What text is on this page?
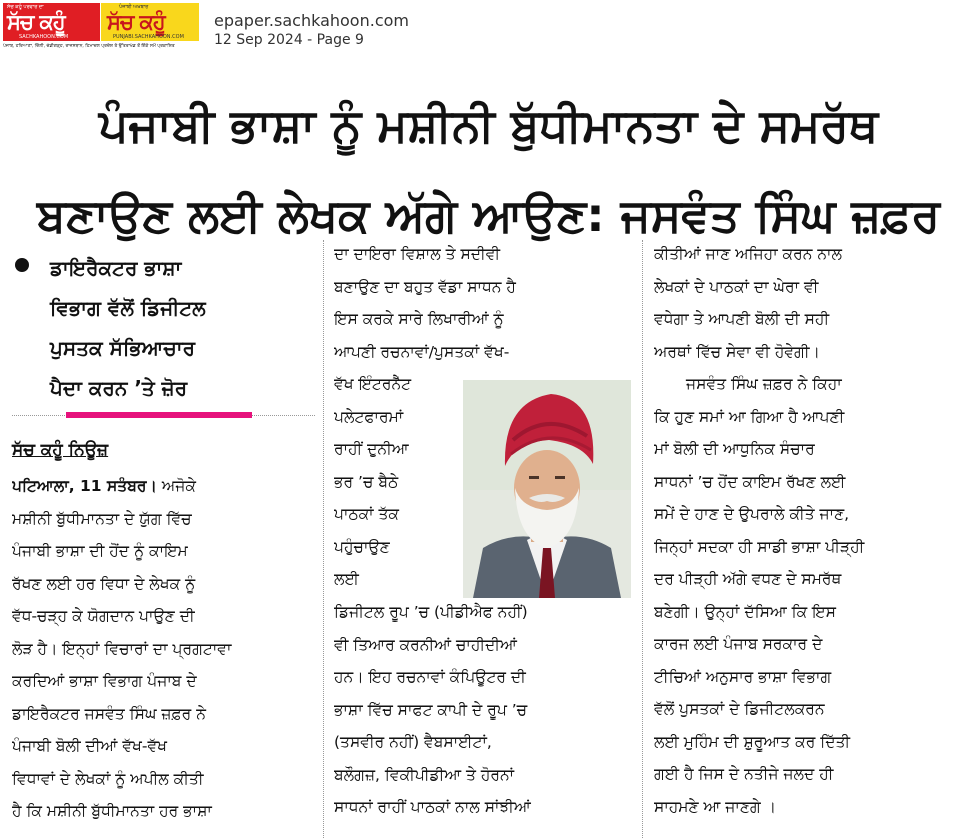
ਸੱਚ ਕਹੂੰ ਪਰਵਾਰ ਦਾ
ਸੱਚ ਕਹੂੰ
SACHKAHOON.COM
ਪੰਜਾਬੀ ਅਖ਼ਬਾਰ
ਸੱਚ ਕਹੂੰ
PUNJABI.SACHKAHOON.COM
ਪੰਜਾਬ, ਹਰਿਆਣਾ, ਦਿੱਲੀ, ਚੰਡੀਗੜ੍ਹ, ਰਾਜਸਥਾਨ, ਹਿਮਾਚਲ ਪ੍ਰਦੇਸ਼ ਤੇ ਉੱਤਰਾਖੰਡ ਤੋਂ ਇੱਕੋ ਸਮੇਂ ਪ੍ਰਕਾਸ਼ਿਤ
epaper.sachkahoon.com
12 Sep 2024 - Page 9
ਪੰਜਾਬੀ ਭਾਸ਼ਾ ਨੂੰ ਮਸ਼ੀਨੀ ਬੁੱਧੀਮਾਨਤਾ ਦੇ ਸਮਰੱਥ
ਬਣਾਉਣ ਲਈ ਲੇਖਕ ਅੱਗੇ ਆਉਣ: ਜਸਵੰਤ ਸਿੰਘ ਜ਼ਫ਼ਰ
ਡਾਇਰੈਕਟਰ ਭਾਸ਼ਾ
ਵਿਭਾਗ ਵੱਲੋਂ ਡਿਜੀਟਲ
ਪੁਸਤਕ ਸੱਭਿਆਚਾਰ
ਪੈਦਾ ਕਰਨ ’ਤੇ ਜ਼ੋਰ
ਸੱਚ ਕਹੂੰ ਨਿਊਜ਼
ਪਟਿਆਲਾ, 11 ਸਤੰਬਰ। ਅਜੋਕੇ
ਮਸ਼ੀਨੀ ਬੁੱਧੀਮਾਨਤਾ ਦੇ ਯੁੱਗ ਵਿੱਚ
ਪੰਜਾਬੀ ਭਾਸ਼ਾ ਦੀ ਹੋਂਦ ਨੂੰ ਕਾਇਮ
ਰੱਖਣ ਲਈ ਹਰ ਵਿਧਾ ਦੇ ਲੇਖਕ ਨੂੰ
ਵੱਧ-ਚੜ੍ਹ ਕੇ ਯੋਗਦਾਨ ਪਾਉਣ ਦੀ
ਲੋੜ ਹੈ। ਇਨ੍ਹਾਂ ਵਿਚਾਰਾਂ ਦਾ ਪ੍ਰਗਟਾਵਾ
ਕਰਦਿਆਂ ਭਾਸ਼ਾ ਵਿਭਾਗ ਪੰਜਾਬ ਦੇ
ਡਾਇਰੈਕਟਰ ਜਸਵੰਤ ਸਿੰਘ ਜ਼ਫ਼ਰ ਨੇ
ਪੰਜਾਬੀ ਬੋਲੀ ਦੀਆਂ ਵੱਖ-ਵੱਖ
ਵਿਧਾਵਾਂ ਦੇ ਲੇਖਕਾਂ ਨੂੰ ਅਪੀਲ ਕੀਤੀ
ਹੈ ਕਿ ਮਸ਼ੀਨੀ ਬੁੱਧੀਮਾਨਤਾ ਹਰ ਭਾਸ਼ਾ
ਦਾ ਦਾਇਰਾ ਵਿਸ਼ਾਲ ਤੇ ਸਦੀਵੀ
ਬਣਾਉਣ ਦਾ ਬਹੁਤ ਵੱਡਾ ਸਾਧਨ ਹੈ
ਇਸ ਕਰਕੇ ਸਾਰੇ ਲਿਖਾਰੀਆਂ ਨੂੰ
ਆਪਣੀ ਰਚਨਾਵਾਂ/ਪੁਸਤਕਾਂ ਵੱਖ-
ਵੱਖ ਇੰਟਰਨੈੱਟ
ਪਲੇਟਫਾਰਮਾਂ
ਰਾਹੀਂ ਦੁਨੀਆ
ਭਰ ’ਚ ਬੈਠੇ
ਪਾਠਕਾਂ ਤੱਕ
ਪਹੁੰਚਾਉਣ
ਲਈ
ਡਿਜੀਟਲ ਰੂਪ ’ਚ (ਪੀਡੀਐਫ ਨਹੀਂ)
ਵੀ ਤਿਆਰ ਕਰਨੀਆਂ ਚਾਹੀਦੀਆਂ
ਹਨ। ਇਹ ਰਚਨਾਵਾਂ ਕੰਪਿਊਟਰ ਦੀ
ਭਾਸ਼ਾ ਵਿੱਚ ਸਾਫਟ ਕਾਪੀ ਦੇ ਰੂਪ ’ਚ
(ਤਸਵੀਰ ਨਹੀਂ) ਵੈਬਸਾਈਟਾਂ,
ਬਲੌਗਜ਼, ਵਿਕੀਪੀਡੀਆ ਤੇ ਹੋਰਨਾਂ
ਸਾਧਨਾਂ ਰਾਹੀਂ ਪਾਠਕਾਂ ਨਾਲ ਸਾਂਝੀਆਂ
ਕੀਤੀਆਂ ਜਾਣ ਅਜਿਹਾ ਕਰਨ ਨਾਲ
ਲੇਖਕਾਂ ਦੇ ਪਾਠਕਾਂ ਦਾ ਘੇਰਾ ਵੀ
ਵਧੇਗਾ ਤੇ ਆਪਣੀ ਬੋਲੀ ਦੀ ਸਹੀ
ਅਰਥਾਂ ਵਿੱਚ ਸੇਵਾ ਵੀ ਹੋਵੇਗੀ।
ਜਸਵੰਤ ਸਿੰਘ ਜ਼ਫ਼ਰ ਨੇ ਕਿਹਾ
ਕਿ ਹੁਣ ਸਮਾਂ ਆ ਗਿਆ ਹੈ ਆਪਣੀ
ਮਾਂ ਬੋਲੀ ਦੀ ਆਧੁਨਿਕ ਸੰਚਾਰ
ਸਾਧਨਾਂ ’ਚ ਹੋਂਦ ਕਾਇਮ ਰੱਖਣ ਲਈ
ਸਮੇਂ ਦੇ ਹਾਣ ਦੇ ਉਪਰਾਲੇ ਕੀਤੇ ਜਾਣ,
ਜਿਨ੍ਹਾਂ ਸਦਕਾ ਹੀ ਸਾਡੀ ਭਾਸ਼ਾ ਪੀੜ੍ਹੀ
ਦਰ ਪੀੜ੍ਹੀ ਅੱਗੇ ਵਧਣ ਦੇ ਸਮਰੱਥ
ਬਣੇਗੀ। ਉਨ੍ਹਾਂ ਦੱਸਿਆ ਕਿ ਇਸ
ਕਾਰਜ ਲਈ ਪੰਜਾਬ ਸਰਕਾਰ ਦੇ
ਟੀਚਿਆਂ ਅਨੁਸਾਰ ਭਾਸ਼ਾ ਵਿਭਾਗ
ਵੱਲੋਂ ਪੁਸਤਕਾਂ ਦੇ ਡਿਜੀਟਲਕਰਨ
ਲਈ ਮੁਹਿੰਮ ਦੀ ਸ਼ੁਰੂਆਤ ਕਰ ਦਿੱਤੀ
ਗਈ ਹੈ ਜਿਸ ਦੇ ਨਤੀਜੇ ਜਲਦ ਹੀ
ਸਾਹਮਣੇ ਆ ਜਾਣਗੇ ।
